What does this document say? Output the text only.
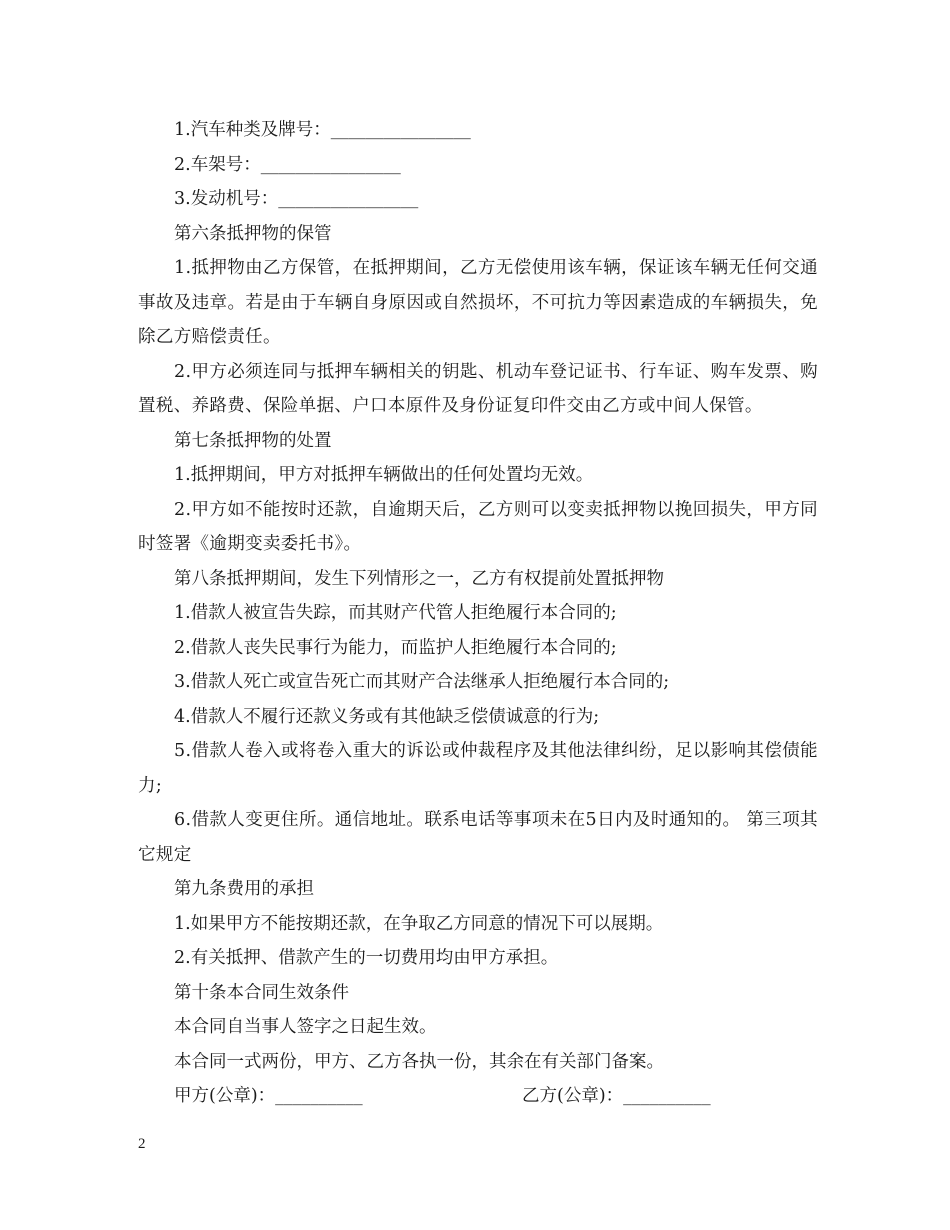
1.汽车种类及牌号：________________

2.车架号：________________

3.发动机号：________________

第六条抵押物的保管

1.抵押物由乙方保管，在抵押期间，乙方无偿使用该车辆，保证该车辆无任何交通事故及违章。若是由于车辆自身原因或自然损坏，不可抗力等因素造成的车辆损失，免除乙方赔偿责任。

2.甲方必须连同与抵押车辆相关的钥匙、机动车登记证书、行车证、购车发票、购置税、养路费、保险单据、户口本原件及身份证复印件交由乙方或中间人保管。

第七条抵押物的处置

1.抵押期间，甲方对抵押车辆做出的任何处置均无效。

2.甲方如不能按时还款，自逾期天后，乙方则可以变卖抵押物以挽回损失，甲方同时签署《逾期变卖委托书》。

第八条抵押期间，发生下列情形之一，乙方有权提前处置抵押物

1.借款人被宣告失踪，而其财产代管人拒绝履行本合同的;

2.借款人丧失民事行为能力，而监护人拒绝履行本合同的;

3.借款人死亡或宣告死亡而其财产合法继承人拒绝履行本合同的;

4.借款人不履行还款义务或有其他缺乏偿债诚意的行为;

5.借款人卷入或将卷入重大的诉讼或仲裁程序及其他法律纠纷，足以影响其偿债能力;

6.借款人变更住所。通信地址。联系电话等事项未在5日内及时通知的。 第三项其它规定

第九条费用的承担

1.如果甲方不能按期还款，在争取乙方同意的情况下可以展期。

2.有关抵押、借款产生的一切费用均由甲方承担。

第十条本合同生效条件

本合同自当事人签字之日起生效。

本合同一式两份，甲方、乙方各执一份，其余在有关部门备案。

甲方(公章)：__________	乙方(公章)：__________
2
